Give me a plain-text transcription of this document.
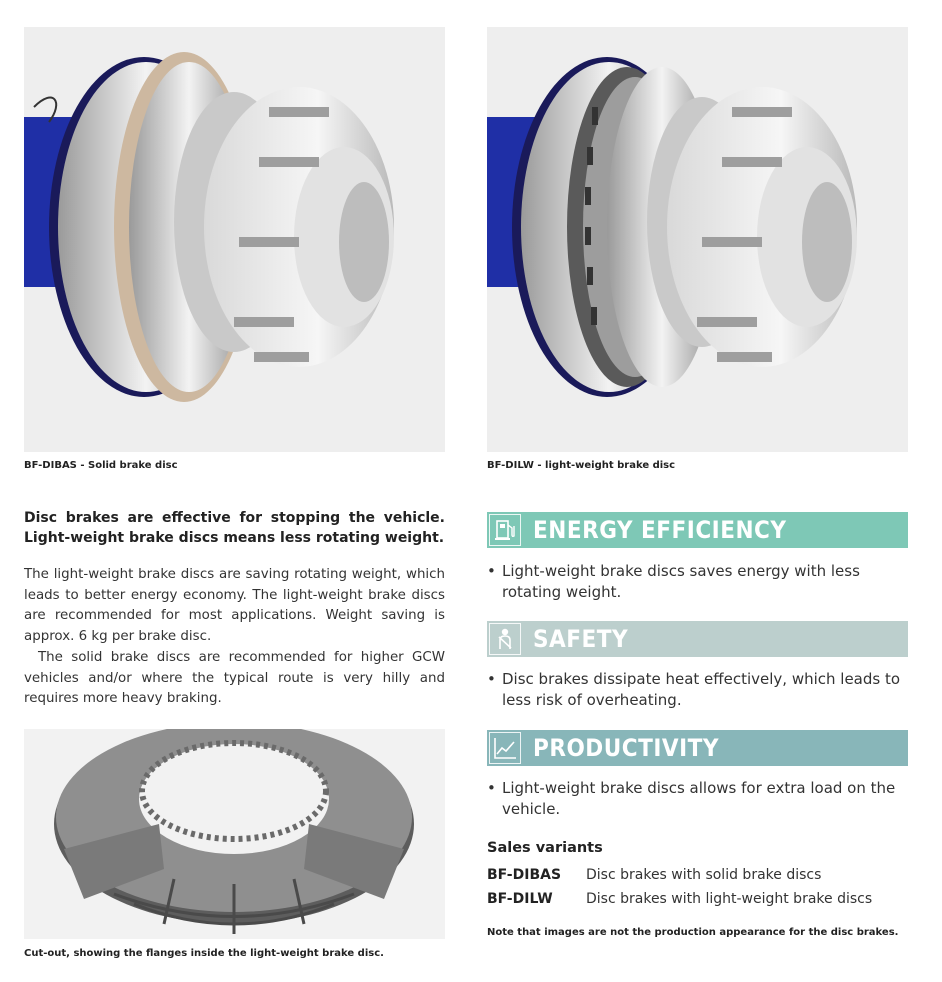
BF-DIBAS - Solid brake disc	BF-DILW - light-weight brake disc
Disc brakes are effective for stopping the vehicle. Light-weight brake discs means less rotating weight.
The light-weight brake discs are saving rotating weight, which leads to better energy economy. The light-weight brake discs are recommended for most applications. Weight saving is approx. 6 kg per brake disc.
The solid brake discs are recommended for higher GCW vehicles and/or where the typical route is very hilly and requires more heavy braking.
Cut-out, showing the flanges inside the light-weight brake disc.
ENERGY EFFICIENCY
• Light-weight brake discs saves energy with less rotating weight.
SAFETY
• Disc brakes dissipate heat effectively, which leads to less risk of overheating.
PRODUCTIVITY
• Light-weight brake discs allows for extra load on the vehicle.
Sales variants
BF-DIBAS Disc brakes with solid brake discs
BF-DILW Disc brakes with light-weight brake discs
Note that images are not the production appearance for the disc brakes.
